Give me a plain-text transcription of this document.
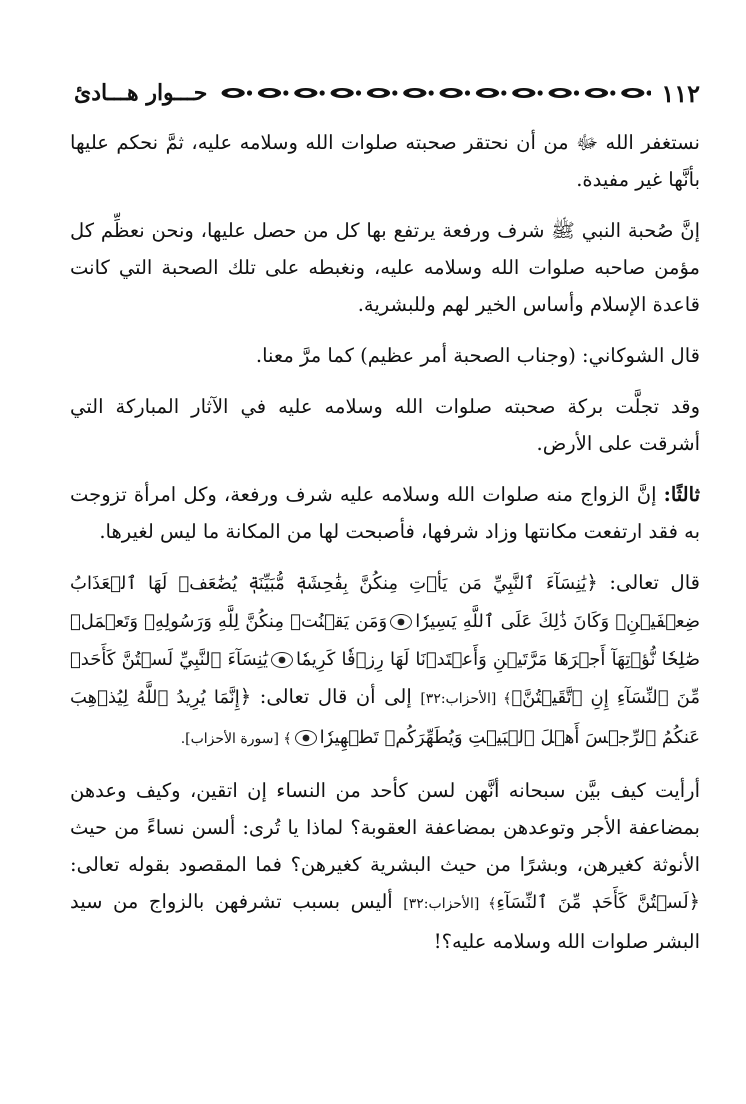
١١٢
حـــوار هـــادئ

نستغفر الله ﷻ من أن نحتقر صحبته صلوات الله وسلامه عليه، ثمَّ نحكم عليها بأنَّها غير مفيدة.

إنَّ صُحبة النبي ﷺ شرف ورفعة يرتفع بها كل من حصل عليها، ونحن نعظِّم كل مؤمن صاحبه صلوات الله وسلامه عليه، ونغبطه على تلك الصحبة التي كانت قاعدة الإسلام وأساس الخير لهم وللبشرية.

قال الشوكاني: (وجناب الصحبة أمر عظيم) كما مرَّ معنا.

وقد تجلَّت بركة صحبته صلوات الله وسلامه عليه في الآثار المباركة التي أشرقت على الأرض.

ثالثًا: إنَّ الزواج منه صلوات الله وسلامه عليه شرف ورفعة، وكل امرأة تزوجت به فقد ارتفعت مكانتها وزاد شرفها، فأصبحت لها من المكانة ما ليس لغيرها.

قال تعالى: ﴿يَٰنِسَآءَ ٱلنَّبِيِّ مَن يَأۡتِ مِنكُنَّ بِفَٰحِشَةٖ مُّبَيِّنَةٖ يُضَٰعَفۡ لَهَا ٱلۡعَذَابُ ضِعۡفَيۡنِۚ وَكَانَ ذَٰلِكَ عَلَى ٱللَّهِ يَسِيرٗاوَمَن يَقۡنُتۡ مِنكُنَّ لِلَّهِ وَرَسُولِهِۦ وَتَعۡمَلۡ صَٰلِحٗا نُّؤۡتِهَآ أَجۡرَهَا مَرَّتَيۡنِ وَأَعۡتَدۡنَا لَهَا رِزۡقٗا كَرِيمٗايَٰنِسَآءَ ٱلنَّبِيِّ لَسۡتُنَّ كَأَحَدٖ مِّنَ ٱلنِّسَآءِ إِنِ ٱتَّقَيۡتُنَّۚ﴾ [الأحزاب:٣٢] إلى أن قال تعالى: ﴿إِنَّمَا يُرِيدُ ٱللَّهُ لِيُذۡهِبَ عَنكُمُ ٱلرِّجۡسَ أَهۡلَ ٱلۡبَيۡتِ وَيُطَهِّرَكُمۡ تَطۡهِيرٗا﴾ [سورة الأحزاب].

أرأيت كيف بيَّن سبحانه أنَّهن لسن كأحد من النساء إن اتقين، وكيف وعدهن بمضاعفة الأجر وتوعدهن بمضاعفة العقوبة؟ لماذا يا تُرى: ألسن نساءً من حيث الأنوثة كغيرهن، وبشرًا من حيث البشرية كغيرهن؟ فما المقصود بقوله تعالى: ﴿لَسۡتُنَّ كَأَحَدٖ مِّنَ ٱلنِّسَآءِ﴾ [الأحزاب:٣٢] أليس بسبب تشرفهن بالزواج من سيد البشر صلوات الله وسلامه عليه؟!
